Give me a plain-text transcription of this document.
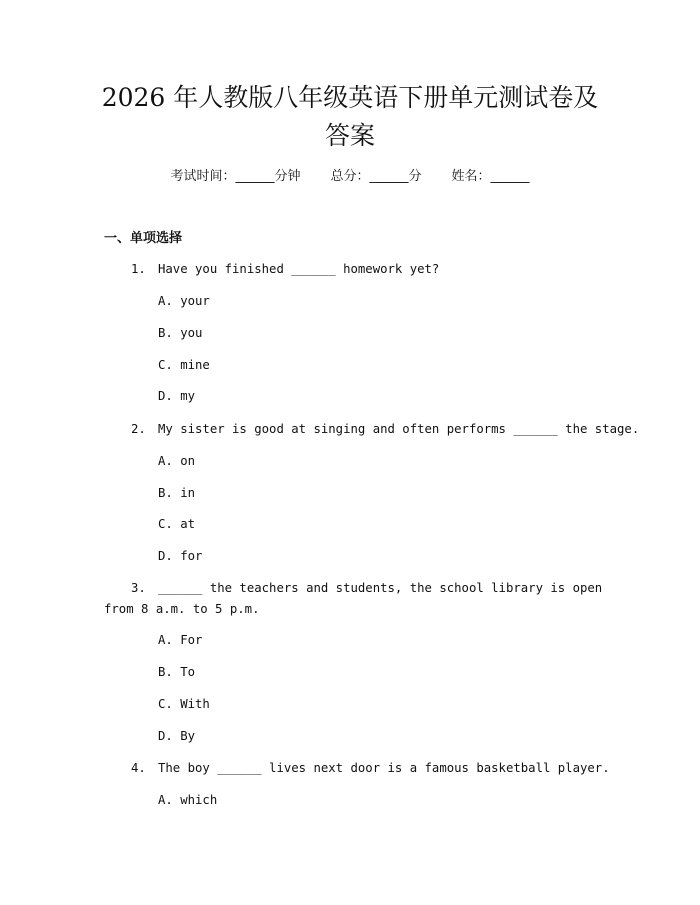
2026 年人教版八年级英语下册单元测试卷及
答案
考试时间：______分钟 总分：______分 姓名：______
一、单项选择
1. Have you finished ______ homework yet?
A. your
B. you
C. mine
D. my
2. My sister is good at singing and often performs ______ the stage.
A. on
B. in
C. at
D. for
3. ______ the teachers and students, the school library is open
from 8 a.m. to 5 p.m.
A. For
B. To
C. With
D. By
4. The boy ______ lives next door is a famous basketball player.
A. which
